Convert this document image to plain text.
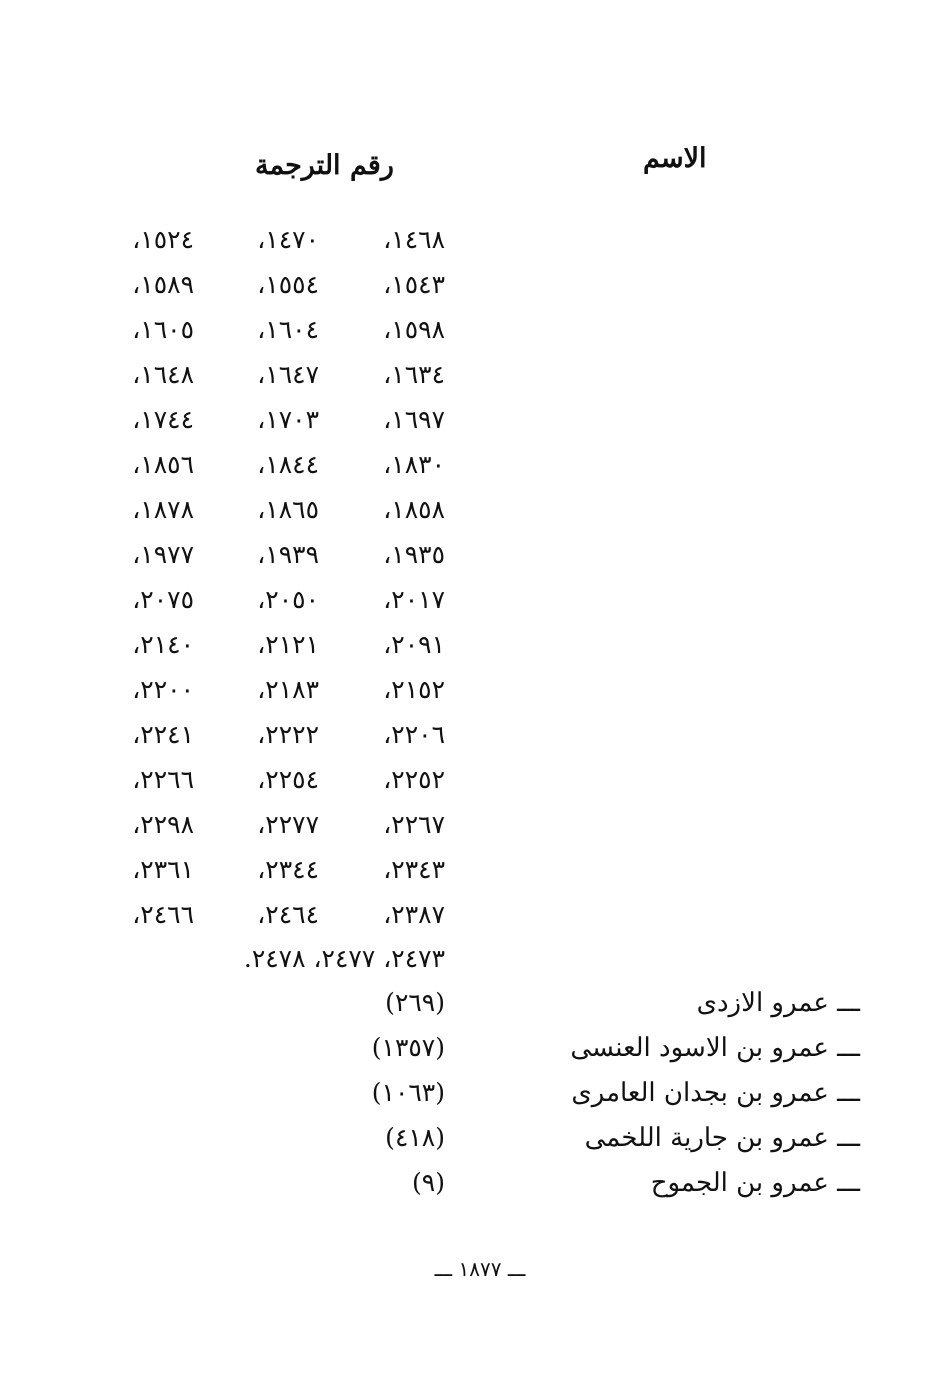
الاسم
رقم الترجمة
١٤٦٨،
١٤٧٠،
١٥٢٤،
١٥٤٣،
١٥٥٤،
١٥٨٩،
١٥٩٨،
١٦٠٤،
١٦٠٥،
١٦٣٤،
١٦٤٧،
١٦٤٨،
١٦٩٧،
١٧٠٣،
١٧٤٤،
١٨٣٠،
١٨٤٤،
١٨٥٦،
١٨٥٨،
١٨٦٥،
١٨٧٨،
١٩٣٥،
١٩٣٩،
١٩٧٧،
٢٠١٧،
٢٠٥٠،
٢٠٧٥،
٢٠٩١،
٢١٢١،
٢١٤٠،
٢١٥٢،
٢١٨٣،
٢٢٠٠،
٢٢٠٦،
٢٢٢٢،
٢٢٤١،
٢٢٥٢،
٢٢٥٤،
٢٢٦٦،
٢٢٦٧،
٢٢٧٧،
٢٢٩٨،
٢٣٤٣،
٢٣٤٤،
٢٣٦١،
٢٣٨٧،
٢٤٦٤،
٢٤٦٦،
٢٤٧٣، ٢٤٧٧، ٢٤٧٨.
ـــ عمرو الازدى
(٢٦٩)
ـــ عمرو بن الاسود العنسى
(١٣٥٧)
ـــ عمرو بن بجدان العامرى
(١٠٦٣)
ـــ عمرو بن جارية اللخمى
(٤١٨)
ـــ عمرو بن الجموح
(٩)
ـــ ١٨٧٧ ـــ
